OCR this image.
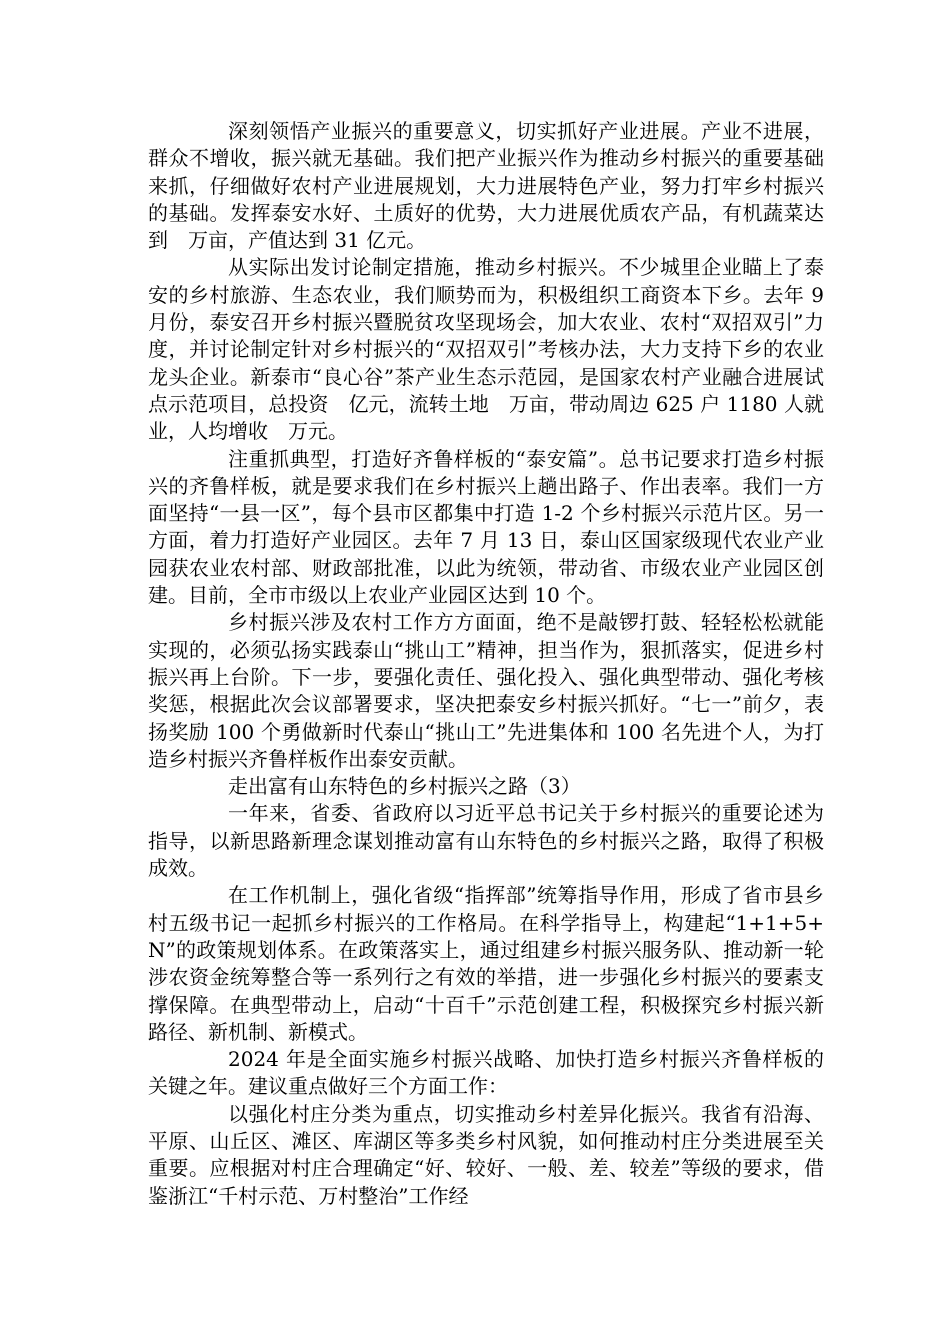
深刻领悟产业振兴的重要意义，切实抓好产业进展。产业不进展，群众不增收，振兴就无基础。我们把产业振兴作为推动乡村振兴的重要基础来抓，仔细做好农村产业进展规划，大力进展特色产业，努力打牢乡村振兴的基础。发挥泰安水好、土质好的优势，大力进展优质农产品，有机蔬菜达到　万亩，产值达到 31 亿元。

从实际出发讨论制定措施，推动乡村振兴。不少城里企业瞄上了泰安的乡村旅游、生态农业，我们顺势而为，积极组织工商资本下乡。去年 9 月份，泰安召开乡村振兴暨脱贫攻坚现场会，加大农业、农村“双招双引”力度，并讨论制定针对乡村振兴的“双招双引”考核办法，大力支持下乡的农业龙头企业。新泰市“良心谷”茶产业生态示范园，是国家农村产业融合进展试点示范项目，总投资　亿元，流转土地　万亩，带动周边 625 户 1180 人就业，人均增收　万元。

注重抓典型，打造好齐鲁样板的“泰安篇”。总书记要求打造乡村振兴的齐鲁样板，就是要求我们在乡村振兴上趟出路子、作出表率。我们一方面坚持“一县一区”，每个县市区都集中打造 1-2 个乡村振兴示范片区。另一方面，着力打造好产业园区。去年 7 月 13 日，泰山区国家级现代农业产业园获农业农村部、财政部批准，以此为统领，带动省、市级农业产业园区创建。目前，全市市级以上农业产业园区达到 10 个。

乡村振兴涉及农村工作方方面面，绝不是敲锣打鼓、轻轻松松就能实现的，必须弘扬实践泰山“挑山工”精神，担当作为，狠抓落实，促进乡村振兴再上台阶。下一步，要强化责任、强化投入、强化典型带动、强化考核奖惩，根据此次会议部署要求，坚决把泰安乡村振兴抓好。“七一”前夕，表扬奖励 100 个勇做新时代泰山“挑山工”先进集体和 100 名先进个人，为打造乡村振兴齐鲁样板作出泰安贡献。

走出富有山东特色的乡村振兴之路（3）

一年来，省委、省政府以习近平总书记关于乡村振兴的重要论述为指导，以新思路新理念谋划推动富有山东特色的乡村振兴之路，取得了积极成效。

在工作机制上，强化省级“指挥部”统筹指导作用，形成了省市县乡村五级书记一起抓乡村振兴的工作格局。在科学指导上，构建起“1+1+5+N”的政策规划体系。在政策落实上，通过组建乡村振兴服务队、推动新一轮涉农资金统筹整合等一系列行之有效的举措，进一步强化乡村振兴的要素支撑保障。在典型带动上，启动“十百千”示范创建工程，积极探究乡村振兴新路径、新机制、新模式。

2024 年是全面实施乡村振兴战略、加快打造乡村振兴齐鲁样板的关键之年。建议重点做好三个方面工作：

以强化村庄分类为重点，切实推动乡村差异化振兴。我省有沿海、平原、山丘区、滩区、库湖区等多类乡村风貌，如何推动村庄分类进展至关重要。应根据对村庄合理确定“好、较好、一般、差、较差”等级的要求，借鉴浙江“千村示范、万村整治”工作经
